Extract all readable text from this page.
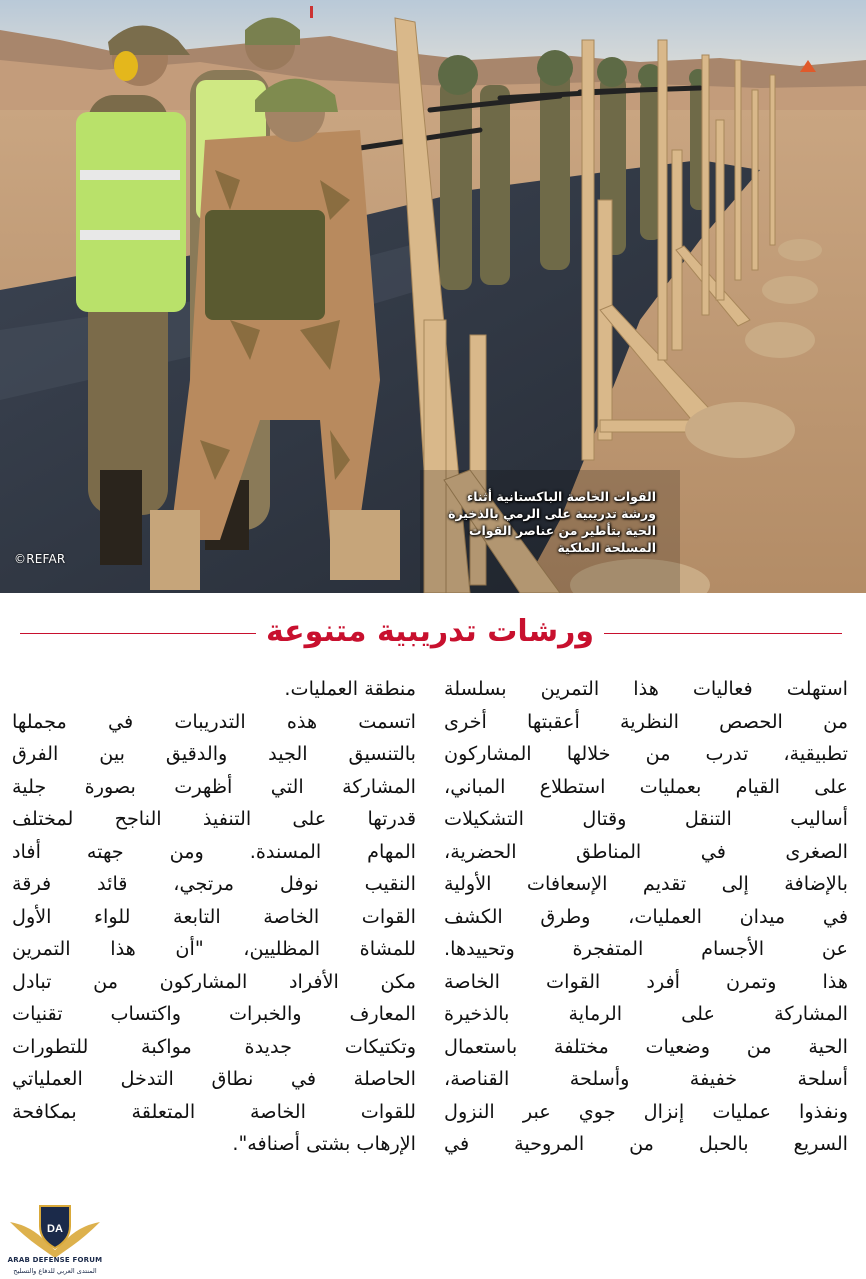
القوات الخاصة الباكستانية أثناء
ورشة تدريبية على الرمي بالذخيرة
الحية بتأطير من عناصر القوات
المسلحة الملكية
©REFAR
ورشات تدريبية متنوعة
استهلت فعاليات هذا التمرين بسلسلة
من الحصص النظرية أعقبتها أخرى
تطبيقية، تدرب من خلالها المشاركون
على القيام بعمليات استطلاع المباني،
أساليب التنقل وقتال التشكيلات
الصغرى في المناطق الحضرية،
بالإضافة إلى تقديم الإسعافات الأولية
في ميدان العمليات، وطرق الكشف
عن الأجسام المتفجرة وتحييدها.
هذا وتمرن أفرد القوات الخاصة
المشاركة على الرماية بالذخيرة
الحية من وضعيات مختلفة باستعمال
أسلحة خفيفة وأسلحة القناصة،
ونفذوا عمليات إنزال جوي عبر النزول
السريع بالحبل من المروحية في
منطقة العمليات.
اتسمت هذه التدريبات في مجملها
بالتنسيق الجيد والدقيق بين الفرق
المشاركة التي أظهرت بصورة جلية
قدرتها على التنفيذ الناجح لمختلف
المهام المسندة. ومن جهته أفاد
النقيب نوفل مرتجي، قائد فرقة
القوات الخاصة التابعة للواء الأول
للمشاة المظليين، "أن هذا التمرين
مكن الأفراد المشاركون من تبادل
المعارف والخبرات واكتساب تقنيات
وتكتيكات جديدة مواكبة للتطورات
الحاصلة في نطاق التدخل العملياتي
للقوات الخاصة المتعلقة بمكافحة
الإرهاب بشتى أصنافه".
DA
ARAB DEFENSE FORUM
المنتدى العربي للدفاع والتسليح
